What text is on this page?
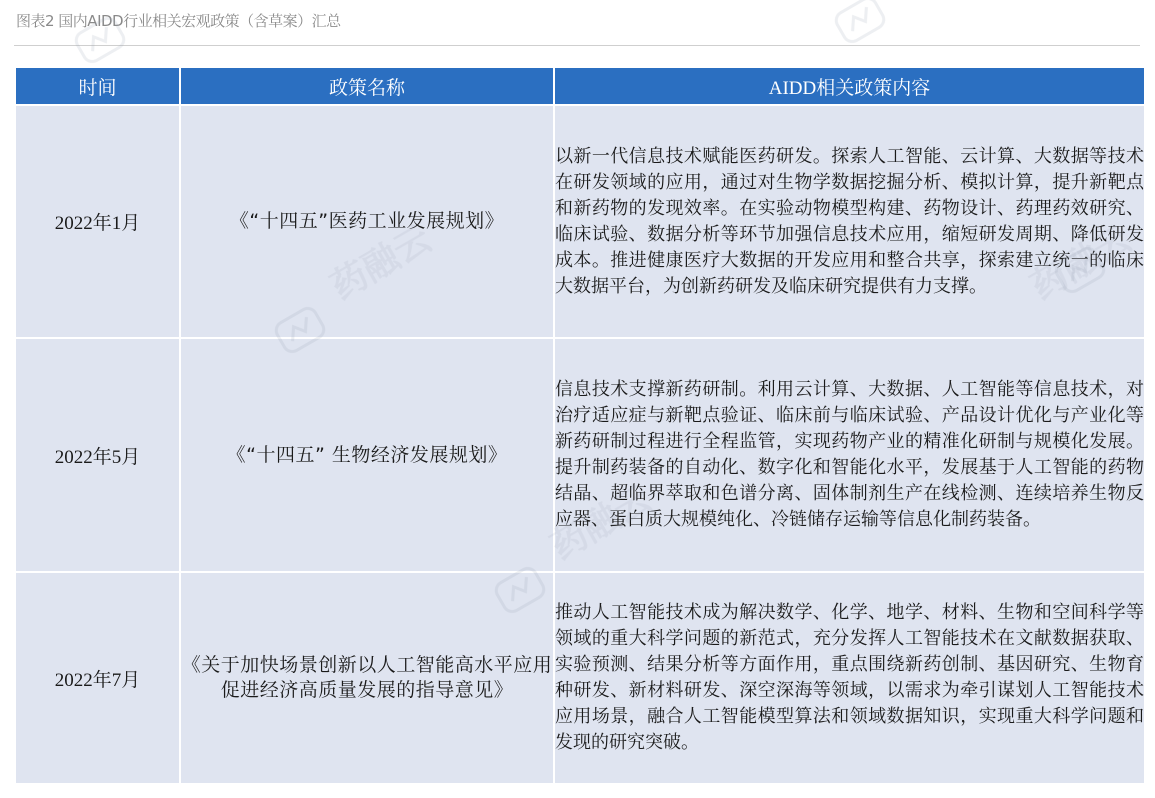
图表2 国内AIDD行业相关宏观政策（含草案）汇总
时间	政策名称	AIDD相关政策内容
2022年1月	《“十四五”医药工业发展规划》	以新一代信息技术赋能医药研发。探索人工智能、云计算、大数据等技术在研发领域的应用，通过对生物学数据挖掘分析、模拟计算，提升新靶点和新药物的发现效率。在实验动物模型构建、药物设计、药理药效研究、临床试验、数据分析等环节加强信息技术应用，缩短研发周期、降低研发成本。推进健康医疗大数据的开发应用和整合共享，探索建立统一的临床大数据平台，为创新药研发及临床研究提供有力支撑。

2022年5月	《“十四五” 生物经济发展规划》	信息技术支撑新药研制。利用云计算、大数据、人工智能等信息技术，对治疗适应症与新靶点验证、临床前与临床试验、产品设计优化与产业化等新药研制过程进行全程监管，实现药物产业的精准化研制与规模化发展。提升制药装备的自动化、数字化和智能化水平，发展基于人工智能的药物结晶、超临界萃取和色谱分离、固体制剂生产在线检测、连续培养生物反应器、蛋白质大规模纯化、冷链储存运输等信息化制药装备。

2022年7月	《关于加快场景创新以人工智能高水平应用促进经济高质量发展的指导意见》	推动人工智能技术成为解决数学、化学、地学、材料、生物和空间科学等领域的重大科学问题的新范式，充分发挥人工智能技术在文献数据获取、实验预测、结果分析等方面作用，重点围绕新药创制、基因研究、生物育种研发、新材料研发、深空深海等领域，以需求为牵引谋划人工智能技术应用场景，融合人工智能模型算法和领域数据知识，实现重大科学问题和发现的研究突破。
